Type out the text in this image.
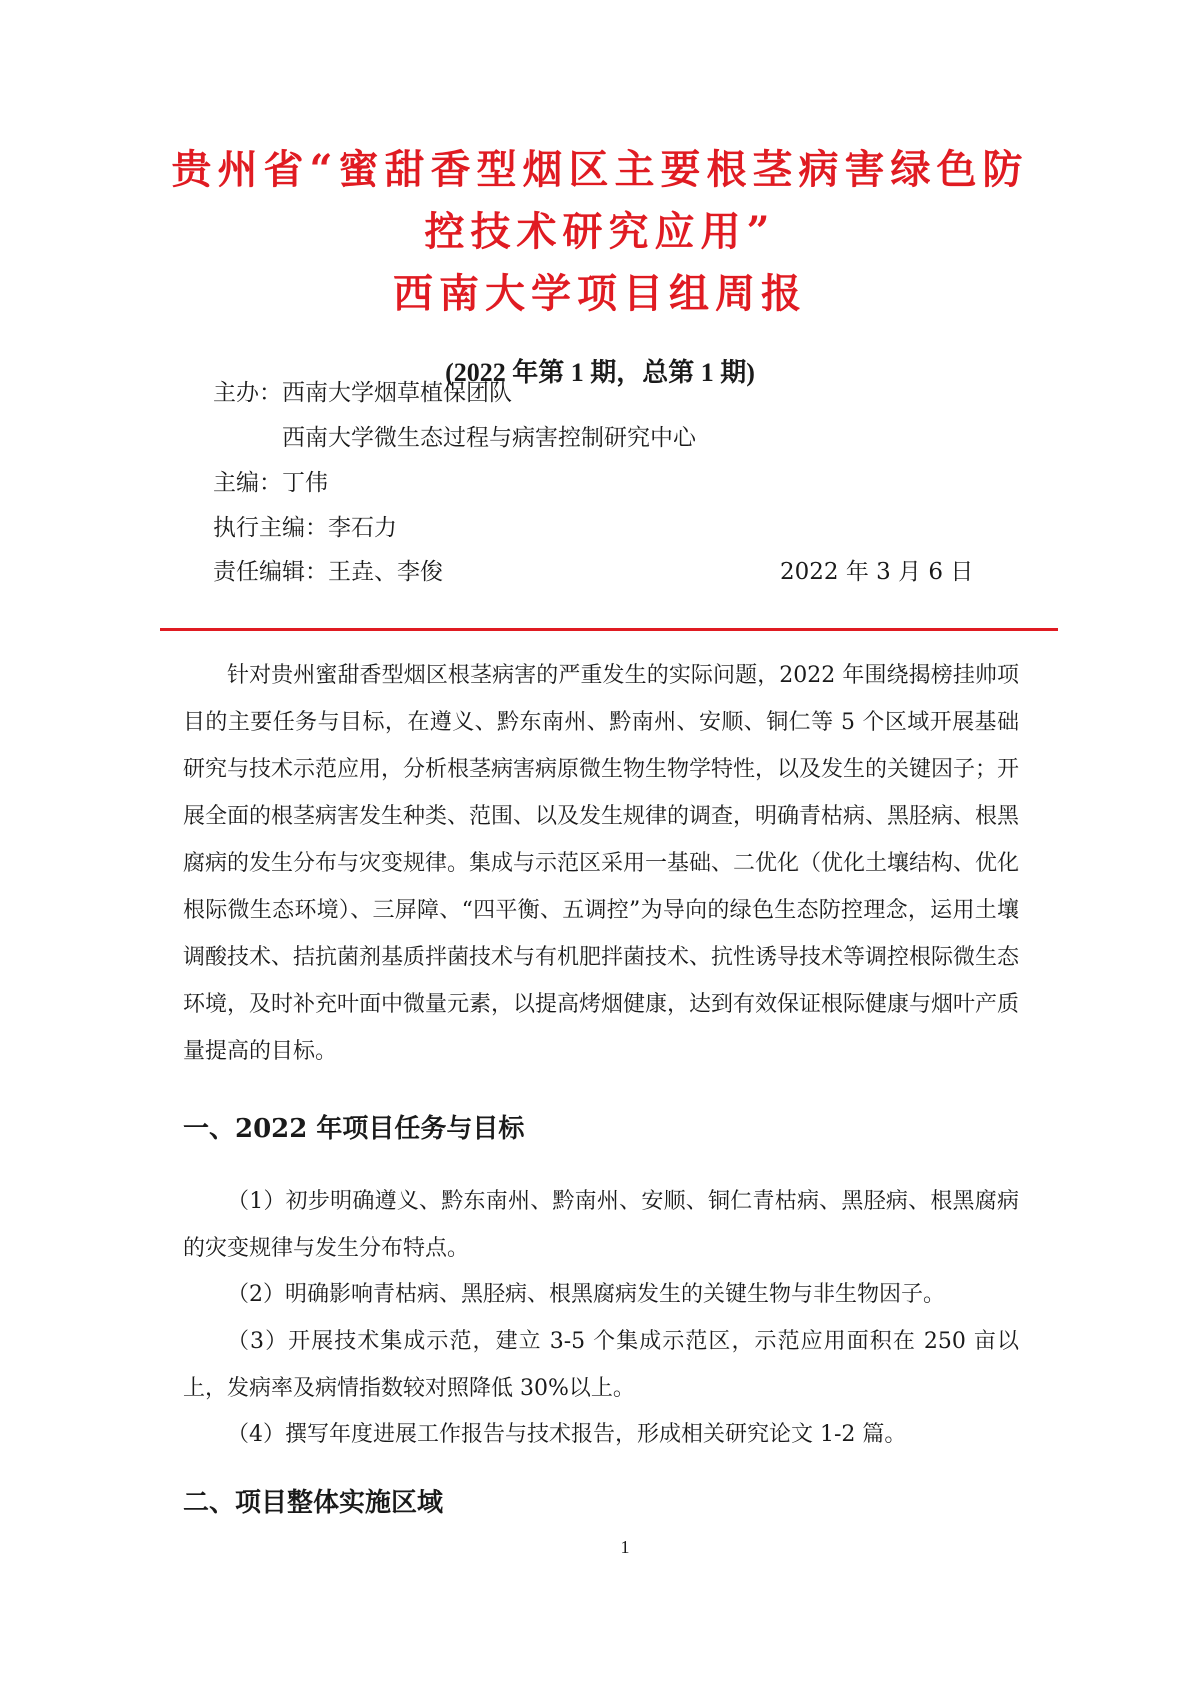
贵州省“蜜甜香型烟区主要根茎病害绿色防
控技术研究应用”
西南大学项目组周报
(2022 年第 1 期，总第 1 期)
主办： 西南大学烟草植保团队
西南大学微生态过程与病害控制研究中心
主编：丁伟
执行主编：李石力
责任编辑：王垚、李俊	2022 年 3 月 6 日

针对贵州蜜甜香型烟区根茎病害的严重发生的实际问题，2022 年围绕揭榜挂帅项目的主要任务与目标，在遵义、黔东南州、黔南州、安顺、铜仁等 5 个区域开展基础研究与技术示范应用，分析根茎病害病原微生物生物学特性，以及发生的关键因子；开展全面的根茎病害发生种类、范围、以及发生规律的调查，明确青枯病、黑胫病、根黑腐病的发生分布与灾变规律。集成与示范区采用一基础、二优化（优化土壤结构、优化根际微生态环境）、三屏障、“四平衡、五调控”为导向的绿色生态防控理念，运用土壤调酸技术、拮抗菌剂基质拌菌技术与有机肥拌菌技术、抗性诱导技术等调控根际微生态环境，及时补充叶面中微量元素，以提高烤烟健康，达到有效保证根际健康与烟叶产质量提高的目标。

一、2022 年项目任务与目标

（1）初步明确遵义、黔东南州、黔南州、安顺、铜仁青枯病、黑胫病、根黑腐病的灾变规律与发生分布特点。

（2）明确影响青枯病、黑胫病、根黑腐病发生的关键生物与非生物因子。

（3）开展技术集成示范，建立 3-5 个集成示范区，示范应用面积在 250 亩以上，发病率及病情指数较对照降低 30%以上。

（4）撰写年度进展工作报告与技术报告，形成相关研究论文 1-2 篇。

二、项目整体实施区域
1
